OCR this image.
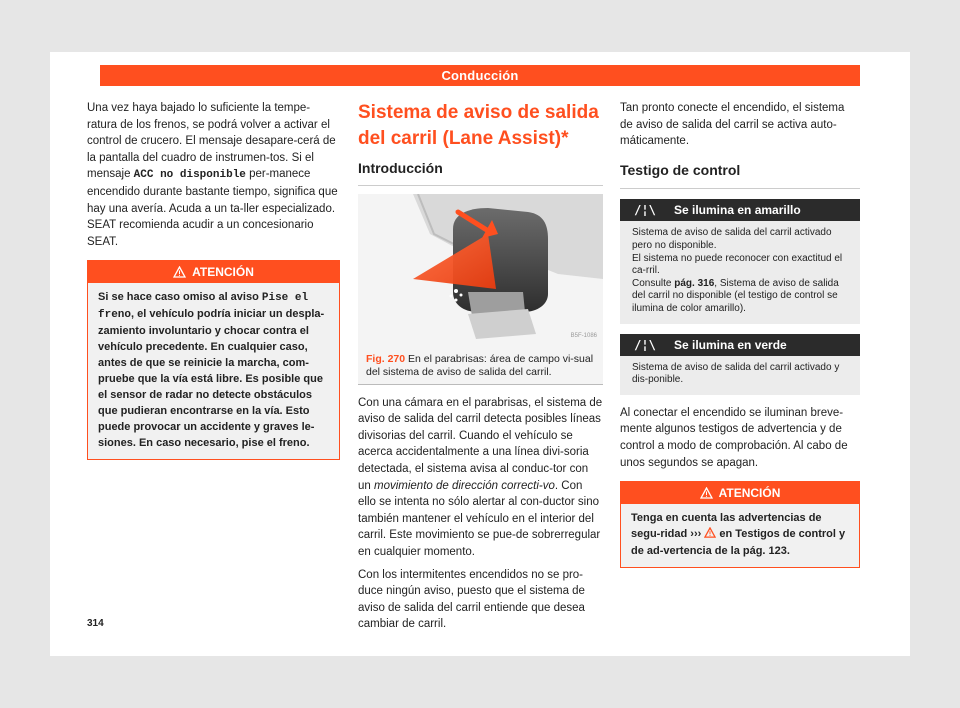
Conducción

Una vez haya bajado lo suficiente la tempe-ratura de los frenos, se podrá volver a activar el control de crucero. El mensaje desapare-cerá de la pantalla del cuadro de instrumen-tos. Si el mensaje ACC no disponible per-manece encendido durante bastante tiempo, significa que hay una avería. Acuda a un ta-ller especializado. SEAT recomienda acudir a un concesionario SEAT.

ATENCIÓN
Si se hace caso omiso al aviso Pise el freno, el vehículo podría iniciar un despla-zamiento involuntario y chocar contra el vehículo precedente. En cualquier caso, antes de que se reinicie la marcha, com-pruebe que la vía está libre. Es posible que el sensor de radar no detecte obstáculos que pudieran encontrarse en la vía. Esto puede provocar un accidente y graves le-siones. En caso necesario, pise el freno.
Sistema de aviso de salida del carril (Lane Assist)*
Introducción
B5F-1086
Fig. 270 En el parabrisas: área de campo vi-sual del sistema de aviso de salida del carril.

Con una cámara en el parabrisas, el sistema de aviso de salida del carril detecta posibles líneas divisorias del carril. Cuando el vehículo se acerca accidentalmente a una línea divi-soria detectada, el sistema avisa al conduc-tor con un movimiento de dirección correcti-vo. Con ello se intenta no sólo alertar al con-ductor sino también mantener el vehículo en el interior del carril. Este movimiento se pue-de sobrerregular en cualquier momento.

Con los intermitentes encendidos no se pro-duce ningún aviso, puesto que el sistema de aviso de salida del carril entiende que desea cambiar de carril.

Tan pronto conecte el encendido, el sistema de aviso de salida del carril se activa auto-máticamente.

Testigo de control
/¦\	Se ilumina en amarillo
Sistema de aviso de salida del carril activado pero no disponible.
El sistema no puede reconocer con exactitud el ca-rril.
Consulte pág. 316, Sistema de aviso de salida del carril no disponible (el testigo de control se ilumina de color amarillo).
/¦\	Se ilumina en verde
Sistema de aviso de salida del carril activado y dis-ponible.

Al conectar el encendido se iluminan breve-mente algunos testigos de advertencia y de control a modo de comprobación. Al cabo de unos segundos se apagan.

ATENCIÓN
Tenga en cuenta las advertencias de segu-ridad ››› en Testigos de control y de ad-vertencia de la pág. 123.
314
